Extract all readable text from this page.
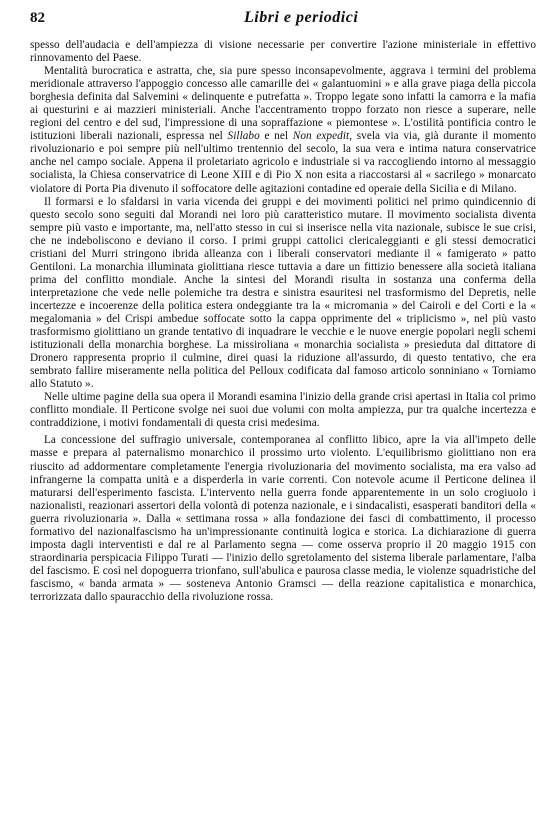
82	Libri e periodici

spesso dell'audacia e dell'ampiezza di visione necessarie per convertire l'azione ministeriale in effettivo rinnovamento del Paese.

Mentalità burocratica e astratta, che, sia pure spesso inconsapevolmente, aggrava i termini del problema meridionale attraverso l'appoggio concesso alle camarille dei « galantuomini » e alla grave piaga della piccola borghesia definita dal Salvemini « delinquente e putrefatta ». Troppo legate sono infatti la camorra e la mafia ai questurini e ai mazzieri ministeriali. Anche l'accentramento troppo forzato non riesce a superare, nelle regioni del centro e del sud, l'impressione di una sopraffazione « piemontese ». L'ostilità pontificia contro le istituzioni liberali nazionali, espressa nel Sillabo e nel Non expedit, svela via via, già durante il momento rivoluzionario e poi sempre più nell'ultimo trentennio del secolo, la sua vera e intima natura conservatrice anche nel campo sociale. Appena il proletariato agricolo e industriale si va raccogliendo intorno al messaggio socialista, la Chiesa conservatrice di Leone XIII e di Pio X non esita a riaccostarsi al « sacrilego » monarcato violatore di Porta Pia divenuto il soffocatore delle agitazioni contadine ed operaie della Sicilia e di Milano.

Il formarsi e lo sfaldarsi in varia vicenda dei gruppi e dei movimenti politici nel primo quindicennio di questo secolo sono seguiti dal Morandi nei loro più caratteristico mutare. Il movimento socialista diventa sempre più vasto e importante, ma, nell'atto stesso in cui si inserisce nella vita nazionale, subisce le sue crisi, che ne indeboliscono e deviano il corso. I primi gruppi cattolici clericaleggianti e gli stessi democratici cristiani del Murri stringono ibrida alleanza con i liberali conservatori mediante il « famigerato » patto Gentiloni. La monarchia illuminata giolittiana riesce tuttavia a dare un fittizio benessere alla società italiana prima del conflitto mondiale. Anche la sintesi del Morandi risulta in sostanza una conferma della interpretazione che vede nelle polemiche tra destra e sinistra esauritesi nel trasformismo del Depretis, nelle incertezze e incoerenze della politica estera ondeggiante tra la « micromania » del Cairoli e del Corti e la « megalomania » del Crispi ambedue soffocate sotto la cappa opprimente del « triplicismo », nel più vasto trasformismo giolittiano un grande tentativo di inquadrare le vecchie e le nuove energie popolari negli schemi istituzionali della monarchia borghese. La missiroliana « monarchia socialista » presieduta dal dittatore di Dronero rappresenta proprio il culmine, direi quasi la riduzione all'assurdo, di questo tentativo, che era sembrato fallire miseramente nella politica del Pelloux codificata dal famoso articolo sonniniano « Torniamo allo Statuto ».

Nelle ultime pagine della sua opera il Morandi esamina l'inizio della grande crisi apertasi in Italia col primo conflitto mondiale. Il Perticone svolge nei suoi due volumi con molta ampiezza, pur tra qualche incertezza e contraddizione, i motivi fondamentali di questa crisi medesima.

La concessione del suffragio universale, contemporanea al conflitto libico, apre la via all'impeto delle masse e prepara al paternalismo monarchico il prossimo urto violento. L'equilibrismo giolittiano non era riuscito ad addormentare completamente l'energia rivoluzionaria del movimento socialista, ma era valso ad infrangerne la compatta unità e a disperderla in varie correnti. Con notevole acume il Perticone delinea il maturarsi dell'esperimento fascista. L'intervento nella guerra fonde apparentemente in un solo crogiuolo i nazionalisti, reazionari assertori della volontà di potenza nazionale, e i sindacalisti, esasperati banditori della « guerra rivoluzionaria ». Dalla « settimana rossa » alla fondazione dei fasci di combattimento, il processo formativo del nazionalfascismo ha un'impressionante continuità logica e storica. La dichiarazione di guerra imposta dagli interventisti e dal re al Parlamento segna — come osserva proprio il 20 maggio 1915 con straordinaria perspicacia Filippo Turati — l'inizio dello sgretolamento del sistema liberale parlamentare, l'alba del fascismo. E così nel dopoguerra trionfano, sull'abulica e paurosa classe media, le violenze squadristiche del fascismo, « banda armata » — sosteneva Antonio Gramsci — della reazione capitalistica e monarchica, terrorizzata dallo spauracchio della rivoluzione rossa.
